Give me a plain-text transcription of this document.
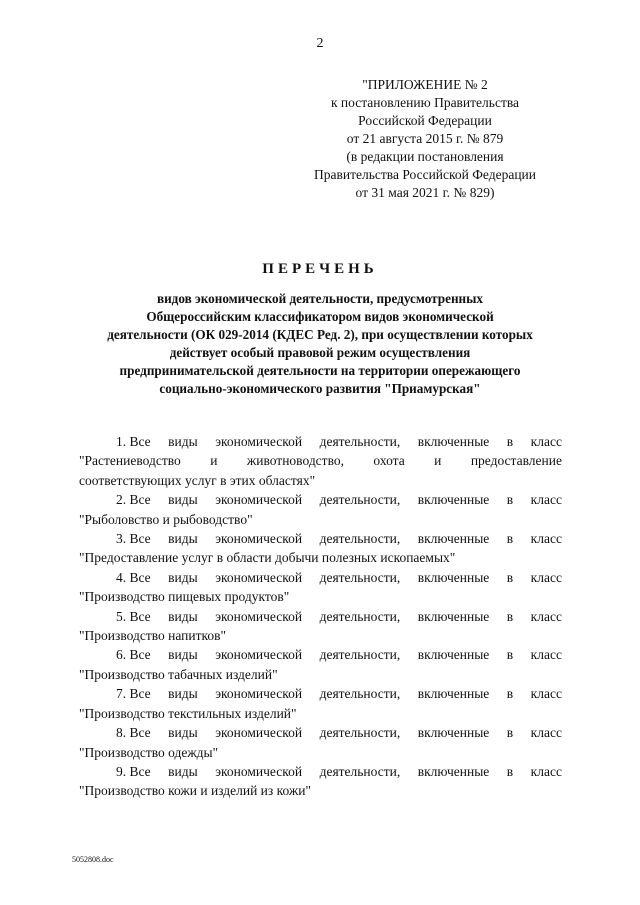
2
"ПРИЛОЖЕНИЕ № 2
к постановлению Правительства
Российской Федерации
от 21 августа 2015 г. № 879
(в редакции постановления
Правительства Российской Федерации
от 31 мая 2021 г. № 829)
ПЕРЕЧЕНЬ
видов экономической деятельности, предусмотренных
Общероссийским классификатором видов экономической
деятельности (ОК 029-2014 (КДЕС Ред. 2), при осуществлении которых
действует особый правовой режим осуществления
предпринимательской деятельности на территории опережающего
социально-экономического развития "Приамурская"
1. Все виды экономической деятельности, включенные в класс
"Растениеводство и животноводство, охота и предоставление
соответствующих услуг в этих областях"
2. Все виды экономической деятельности, включенные в класс
"Рыболовство и рыбоводство"
3. Все виды экономической деятельности, включенные в класс
"Предоставление услуг в области добычи полезных ископаемых"
4. Все виды экономической деятельности, включенные в класс
"Производство пищевых продуктов"
5. Все виды экономической деятельности, включенные в класс
"Производство напитков"
6. Все виды экономической деятельности, включенные в класс
"Производство табачных изделий"
7. Все виды экономической деятельности, включенные в класс
"Производство текстильных изделий"
8. Все виды экономической деятельности, включенные в класс
"Производство одежды"
9. Все виды экономической деятельности, включенные в класс
"Производство кожи и изделий из кожи"
5052808.doc
